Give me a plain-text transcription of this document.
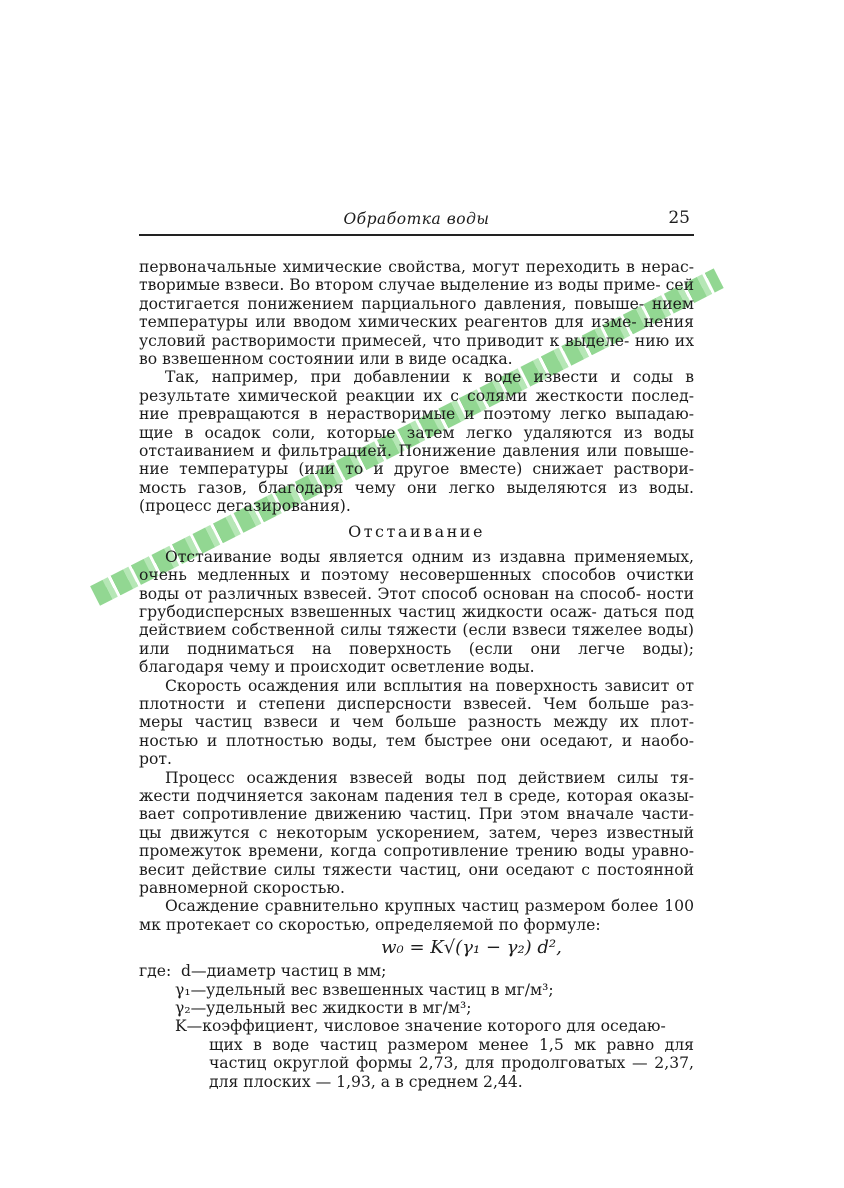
Обработка воды	25

первоначальные химические свойства, могут переходить в нерас- творимые взвеси. Во втором случае выделение из воды приме- сей достигается понижением парциального давления, повыше- нием температуры или вводом химических реагентов для изме- нения условий растворимости примесей, что приводит к выделе- нию их во взвешенном состоянии или в виде осадка.

Так, например, при добавлении к воде извести и соды в результате химической реакции их с солями жесткости послед- ние превращаются в нерастворимые и поэтому легко выпадаю- щие в осадок соли, которые затем легко удаляются из воды отстаиванием и фильтрацией. Понижение давления или повыше- ние температуры (или то и другое вместе) снижает раствори- мость газов, благодаря чему они легко выделяются из воды. (процесс дегазирования).

Отстаивание

Отстаивание воды является одним из издавна применяемых, очень медленных и поэтому несовершенных способов очистки воды от различных взвесей. Этот способ основан на способ- ности грубодисперсных взвешенных частиц жидкости осаж- даться под действием собственной силы тяжести (если взвеси тяжелее воды) или подниматься на поверхность (если они легче воды); благодаря чему и происходит осветление воды.

Скорость осаждения или всплытия на поверхность зависит от плотности и степени дисперсности взвесей. Чем больше раз- меры частиц взвеси и чем больше разность между их плот- ностью и плотностью воды, тем быстрее они оседают, и наобо- рот.

Процесс осаждения взвесей воды под действием силы тя- жести подчиняется законам падения тел в среде, которая оказы- вает сопротивление движению частиц. При этом вначале части- цы движутся с некоторым ускорением, затем, через известный промежуток времени, когда сопротивление трению воды уравно- весит действие силы тяжести частиц, они оседают с постоянной равномерной скоростью.

Осаждение сравнительно крупных частиц размером более 100 мк протекает со скоростью, определяемой по формуле:

w₀ = K√(γ₁ − γ₂) d²,
где: d—диаметр частиц в мм;
γ₁—удельный вес взвешенных частиц в мг/м³;
γ₂—удельный вес жидкости в мг/м³;
K—коэффициент, числовое значение которого для оседаю-
щих в воде частиц размером менее 1,5 мк равно для частиц округлой формы 2,73, для продолговатых — 2,37, для плоских — 1,93, а в среднем 2,44.
